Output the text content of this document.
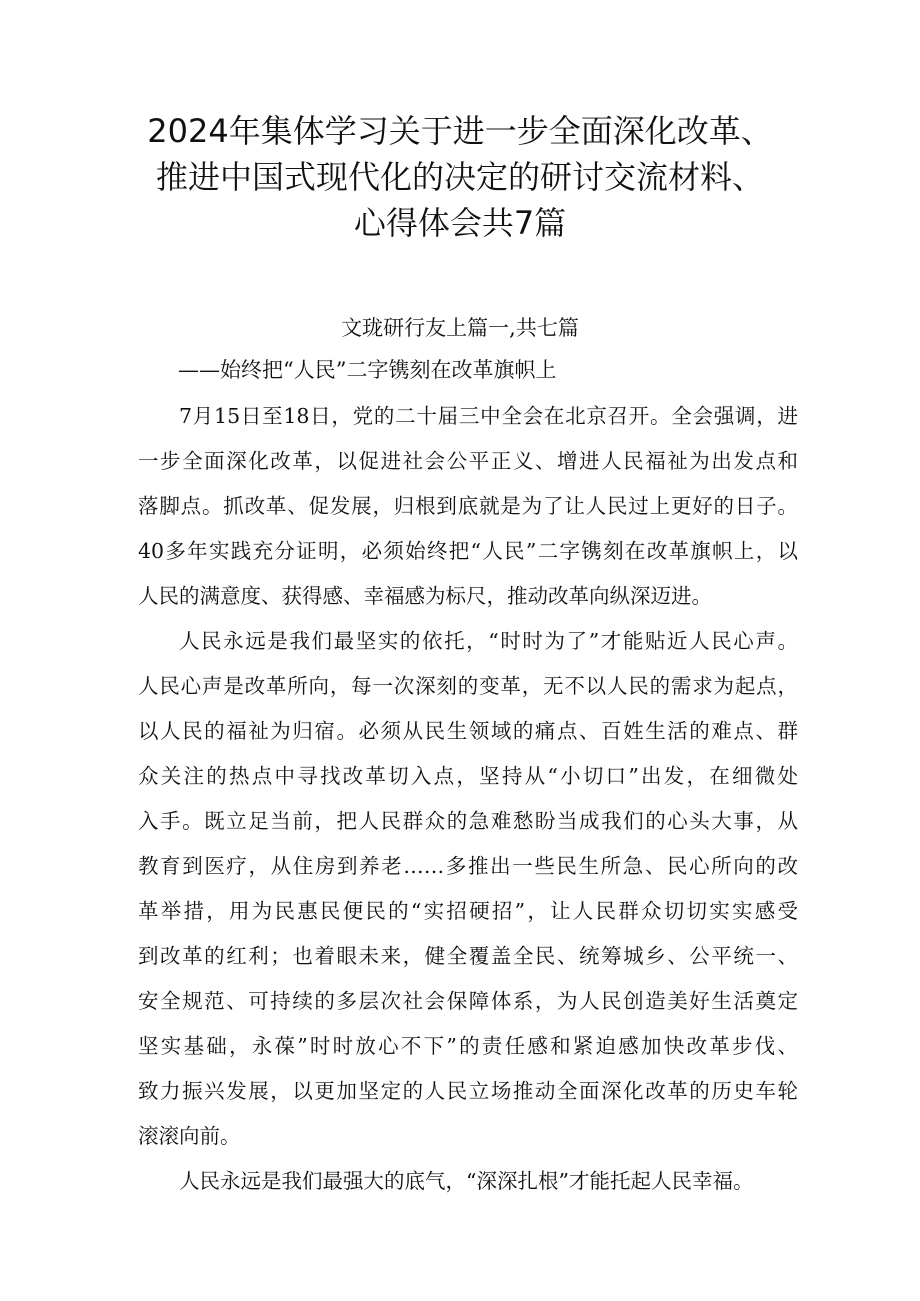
2024年集体学习关于进一步全面深化改革、
推进中国式现代化的决定的研讨交流材料、
心得体会共7篇
文珑研行友上篇一,共七篇
——始终把“人民”二字镌刻在改革旗帜上
7月15日至18日，党的二十届三中全会在北京召开。全会强调，进
一步全面深化改革，以促进社会公平正义、增进人民福祉为出发点和
落脚点。抓改革、促发展，归根到底就是为了让人民过上更好的日子。
40多年实践充分证明，必须始终把“人民”二字镌刻在改革旗帜上，以
人民的满意度、获得感、幸福感为标尺，推动改革向纵深迈进。
人民永远是我们最坚实的依托，“时时为了”才能贴近人民心声。
人民心声是改革所向，每一次深刻的变革，无不以人民的需求为起点，
以人民的福祉为归宿。必须从民生领域的痛点、百姓生活的难点、群
众关注的热点中寻找改革切入点，坚持从“小切口”出发，在细微处
入手。既立足当前，把人民群众的急难愁盼当成我们的心头大事，从
教育到医疗，从住房到养老……多推出一些民生所急、民心所向的改
革举措，用为民惠民便民的“实招硬招”，让人民群众切切实实感受
到改革的红利；也着眼未来，健全覆盖全民、统筹城乡、公平统一、
安全规范、可持续的多层次社会保障体系，为人民创造美好生活奠定
坚实基础，永葆”时时放心不下”的责任感和紧迫感加快改革步伐、
致力振兴发展，以更加坚定的人民立场推动全面深化改革的历史车轮
滚滚向前。
人民永远是我们最强大的底气，“深深扎根”才能托起人民幸福。
